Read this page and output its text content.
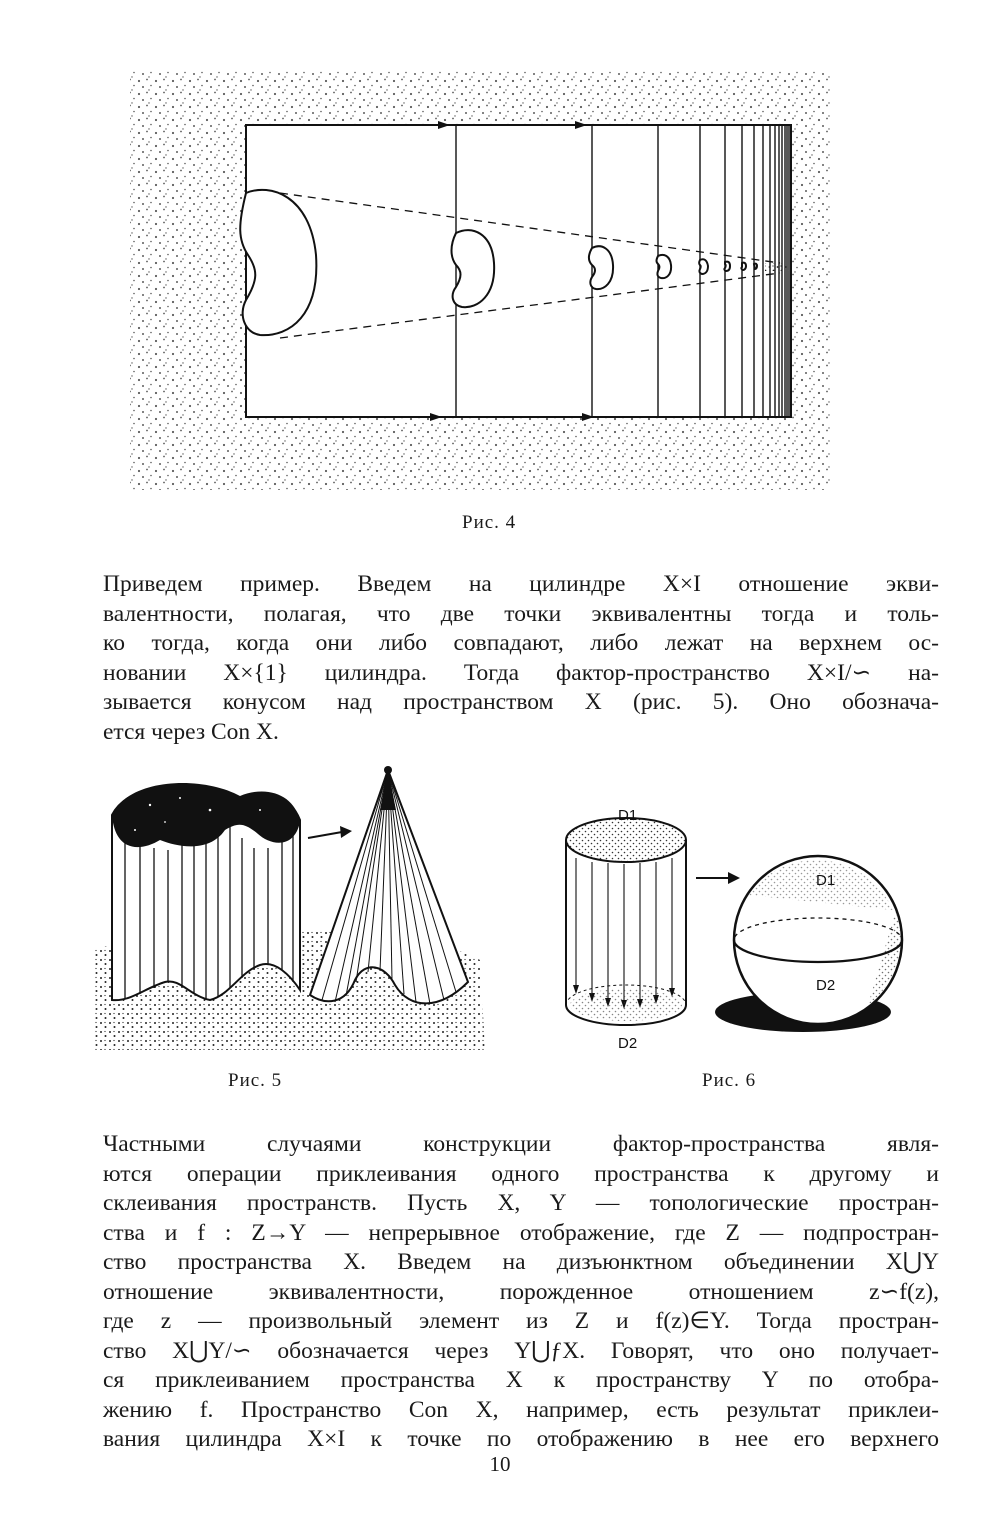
Рис. 4
Приведем пример. Введем на цилиндре X×I отношение экви-
валентности, полагая, что две точки эквивалентны тогда и толь-
ко тогда, когда они либо совпадают, либо лежат на верхнем ос-
новании X×{1} цилиндра. Тогда фактор-пространство X×I/∽ на-
зывается конусом над пространством X (рис. 5). Оно обознача-
ется через Con X.
Рис. 5
D1
D2
D1
D2
Рис. 6
Частными случаями конструкции фактор-пространства явля-
ются операции приклеивания одного пространства к другому и
склеивания пространств. Пусть X, Y — топологические простран-
ства и f : Z→Y — непрерывное отображение, где Z — подпростран-
ство пространства X. Введем на дизъюнктном объединении X⋃Y
отношение эквивалентности, порожденное отношением z∽f(z),
где z — произвольный элемент из Z и f(z)∈Y. Тогда простран-
ство X⋃Y/∽ обозначается через Y⋃ƒX. Говорят, что оно получает-
ся приклеиванием пространства X к пространству Y по отобра-
жению f. Пространство Con X, например, есть результат приклеи-
вания цилиндра X×I к точке по отображению в нее его верхнего
10
